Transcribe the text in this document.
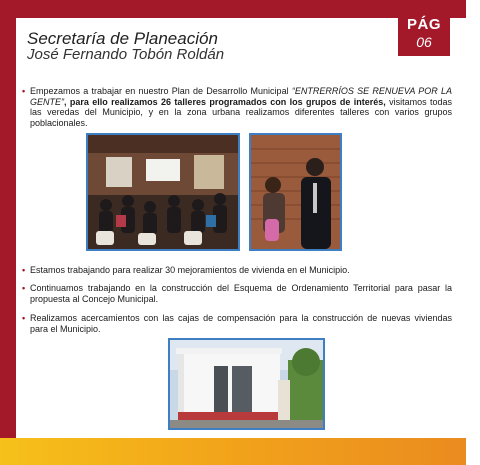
PÁG
06
Secretaría de Planeación
José Fernando Tobón Roldán
• Empezamos a trabajar en nuestro Plan de Desarrollo Municipal “ENTRERRÍOS SE RENUEVA POR LA GENTE”, para ello realizamos 26 talleres programados con los grupos de interés, visitamos todas las veredas del Municipio, y en la zona urbana realizamos diferentes talleres con varios grupos poblacionales.
• Estamos trabajando para realizar 30 mejoramientos de vivienda en el Municipio.
• Continuamos trabajando en la construcción del Esquema de Ordenamiento Territorial para pasar la propuesta al Concejo Municipal.
• Realizamos acercamientos con las cajas de compensación para la construcción de nuevas viviendas para el Municipio.
